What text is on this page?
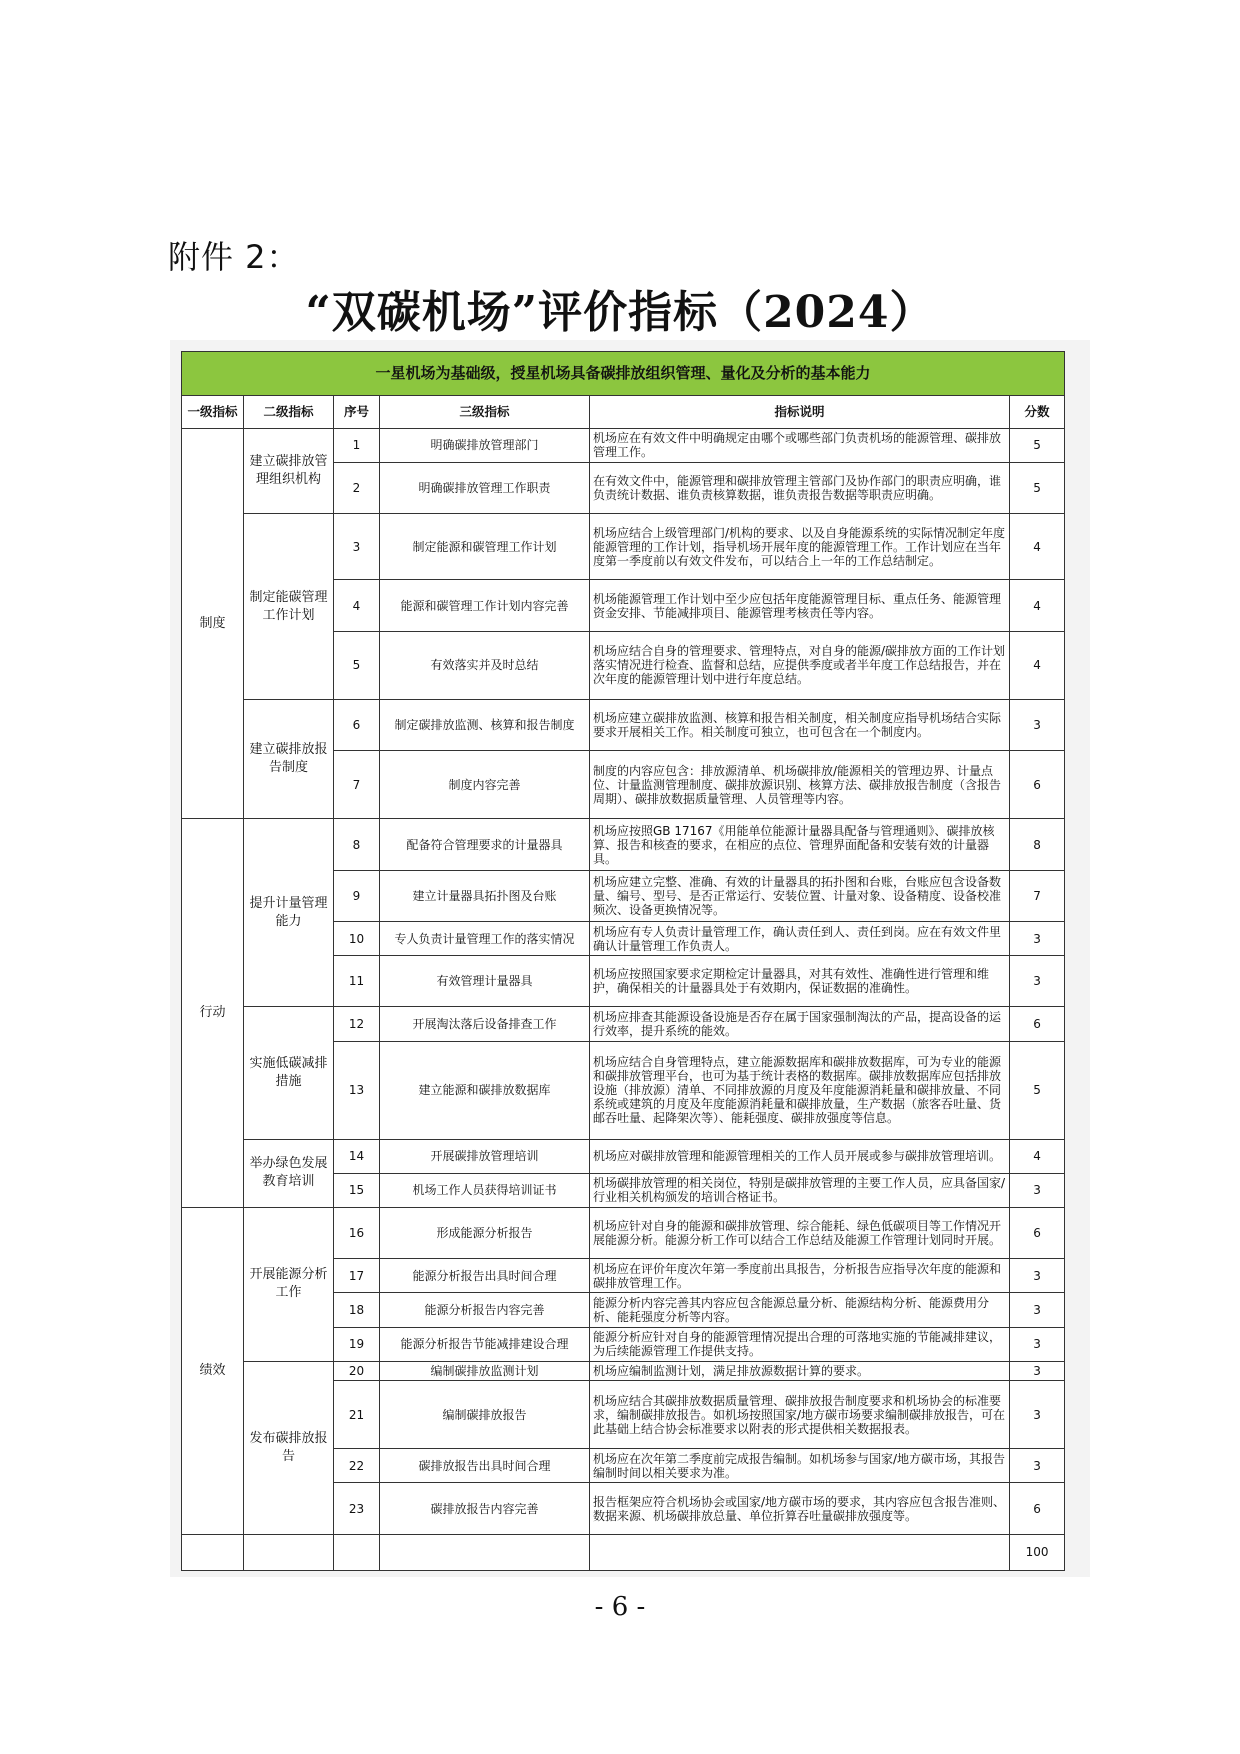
附件 2：
“双碳机场”评价指标（2024）
一星机场为基础级，授星机场具备碳排放组织管理、量化及分析的基本能力					
一级指标	二级指标	序号	三级指标	指标说明	分数
制度	建立碳排放管理组织机构	1	明确碳排放管理部门	机场应在有效文件中明确规定由哪个或哪些部门负责机场的能源管理、碳排放管理工作。	5
		2	明确碳排放管理工作职责	在有效文件中，能源管理和碳排放管理主管部门及协作部门的职责应明确，谁负责统计数据、谁负责核算数据，谁负责报告数据等职责应明确。	5
	制定能碳管理工作计划	3	制定能源和碳管理工作计划	机场应结合上级管理部门/机构的要求、以及自身能源系统的实际情况制定年度能源管理的工作计划，指导机场开展年度的能源管理工作。工作计划应在当年度第一季度前以有效文件发布，可以结合上一年的工作总结制定。	4
		4	能源和碳管理工作计划内容完善	机场能源管理工作计划中至少应包括年度能源管理目标、重点任务、能源管理资金安排、节能减排项目、能源管理考核责任等内容。	4
		5	有效落实并及时总结	机场应结合自身的管理要求、管理特点，对自身的能源/碳排放方面的工作计划落实情况进行检查、监督和总结，应提供季度或者半年度工作总结报告，并在次年度的能源管理计划中进行年度总结。	4
	建立碳排放报告制度	6	制定碳排放监测、核算和报告制度	机场应建立碳排放监测、核算和报告相关制度，相关制度应指导机场结合实际要求开展相关工作。相关制度可独立，也可包含在一个制度内。	3
		7	制度内容完善	制度的内容应包含：排放源清单、机场碳排放/能源相关的管理边界、计量点位、计量监测管理制度、碳排放源识别、核算方法、碳排放报告制度（含报告周期）、碳排放数据质量管理、人员管理等内容。	6
行动	提升计量管理能力	8	配备符合管理要求的计量器具	机场应按照GB 17167《用能单位能源计量器具配备与管理通则》、碳排放核算、报告和核查的要求，在相应的点位、管理界面配备和安装有效的计量器具。	8
		9	建立计量器具拓扑图及台账	机场应建立完整、准确、有效的计量器具的拓扑图和台账，台账应包含设备数量、编号、型号、是否正常运行、安装位置、计量对象、设备精度、设备校准频次、设备更换情况等。	7
		10	专人负责计量管理工作的落实情况	机场应有专人负责计量管理工作，确认责任到人、责任到岗。应在有效文件里确认计量管理工作负责人。	3
		11	有效管理计量器具	机场应按照国家要求定期检定计量器具，对其有效性、准确性进行管理和维护，确保相关的计量器具处于有效期内，保证数据的准确性。	3
	实施低碳减排措施	12	开展淘汰落后设备排查工作	机场应排查其能源设备设施是否存在属于国家强制淘汰的产品，提高设备的运行效率，提升系统的能效。	6
		13	建立能源和碳排放数据库	机场应结合自身管理特点，建立能源数据库和碳排放数据库，可为专业的能源和碳排放管理平台，也可为基于统计表格的数据库。碳排放数据库应包括排放设施（排放源）清单、不同排放源的月度及年度能源消耗量和碳排放量、不同系统或建筑的月度及年度能源消耗量和碳排放量，生产数据（旅客吞吐量、货邮吞吐量、起降架次等）、能耗强度、碳排放强度等信息。	5
	举办绿色发展教育培训	14	开展碳排放管理培训	机场应对碳排放管理和能源管理相关的工作人员开展或参与碳排放管理培训。	4
		15	机场工作人员获得培训证书	机场碳排放管理的相关岗位，特别是碳排放管理的主要工作人员，应具备国家/行业相关机构颁发的培训合格证书。	3
绩效	开展能源分析工作	16	形成能源分析报告	机场应针对自身的能源和碳排放管理、综合能耗、绿色低碳项目等工作情况开展能源分析。能源分析工作可以结合工作总结及能源工作管理计划同时开展。	6
		17	能源分析报告出具时间合理	机场应在评价年度次年第一季度前出具报告，分析报告应指导次年度的能源和碳排放管理工作。	3
		18	能源分析报告内容完善	能源分析内容完善其内容应包含能源总量分析、能源结构分析、能源费用分析、能耗强度分析等内容。	3
		19	能源分析报告节能减排建设合理	能源分析应针对自身的能源管理情况提出合理的可落地实施的节能减排建议，为后续能源管理工作提供支持。	3
	发布碳排放报告	20	编制碳排放监测计划	机场应编制监测计划，满足排放源数据计算的要求。	3
		21	编制碳排放报告	机场应结合其碳排放数据质量管理、碳排放报告制度要求和机场协会的标准要求，编制碳排放报告。如机场按照国家/地方碳市场要求编制碳排放报告，可在此基础上结合协会标准要求以附表的形式提供相关数据报表。	3
		22	碳排放报告出具时间合理	机场应在次年第二季度前完成报告编制。如机场参与国家/地方碳市场，其报告编制时间以相关要求为准。	3
		23	碳排放报告内容完善	报告框架应符合机场协会或国家/地方碳市场的要求，其内容应包含报告准则、数据来源、机场碳排放总量、单位折算吞吐量碳排放强度等。	6
					100
- 6 -
